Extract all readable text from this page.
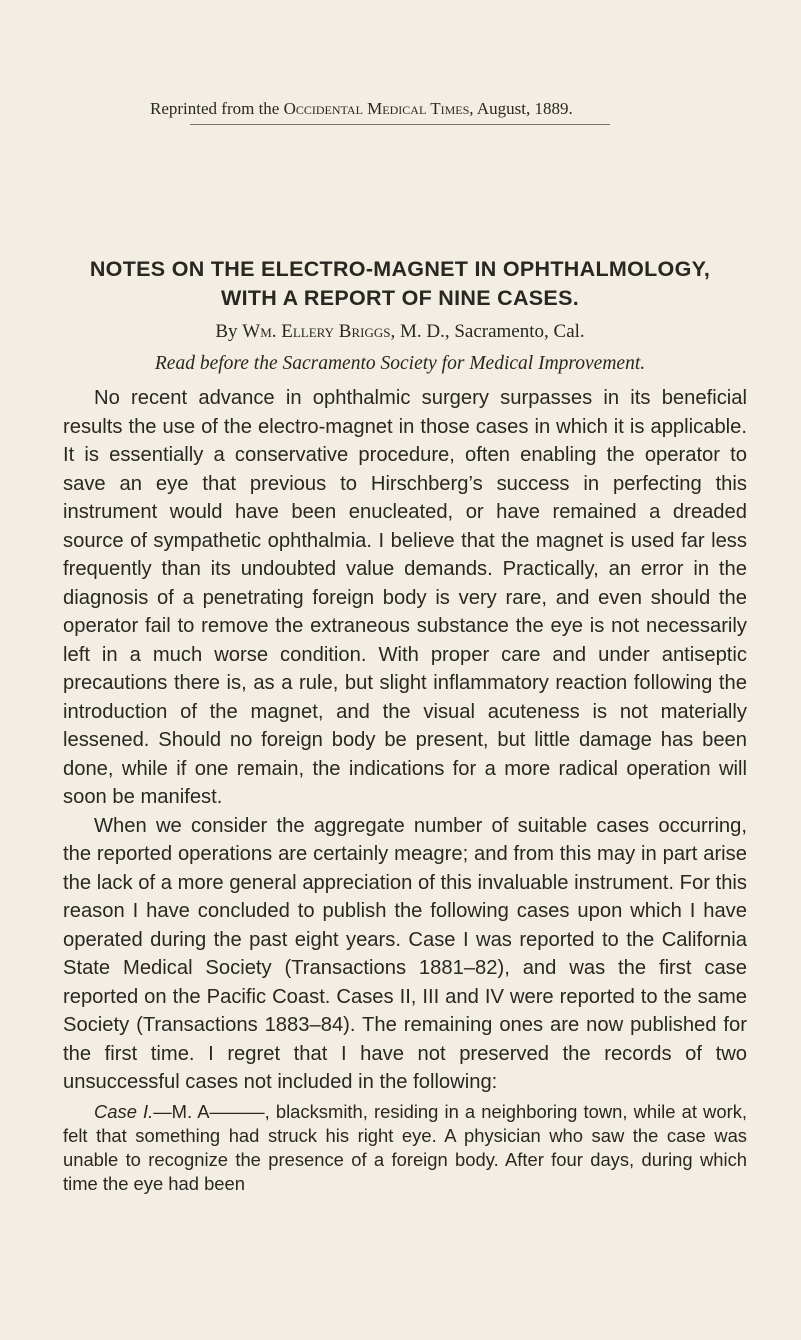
Reprinted from the Occidental Medical Times, August, 1889.
NOTES ON THE ELECTRO-MAGNET IN OPHTHALMOLOGY,
WITH A REPORT OF NINE CASES.
By Wm. Ellery Briggs, M. D., Sacramento, Cal.
Read before the Sacramento Society for Medical Improvement.

No recent advance in ophthalmic surgery surpasses in its beneficial results the use of the electro-magnet in those cases in which it is applicable. It is essentially a conservative procedure, often enabling the operator to save an eye that previous to Hirschberg’s success in perfecting this instrument would have been enucleated, or have remained a dreaded source of sympathetic ophthalmia. I believe that the magnet is used far less frequently than its undoubted value demands. Practically, an error in the diagnosis of a penetrating foreign body is very rare, and even should the operator fail to remove the extraneous substance the eye is not necessarily left in a much worse condition. With proper care and under antiseptic precautions there is, as a rule, but slight inflammatory reaction following the introduction of the magnet, and the visual acuteness is not materially lessened. Should no foreign body be present, but little damage has been done, while if one remain, the indications for a more radical operation will soon be manifest.

When we consider the aggregate number of suitable cases occurring, the reported operations are certainly meagre; and from this may in part arise the lack of a more general appreciation of this invaluable instrument. For this reason I have concluded to publish the following cases upon which I have operated during the past eight years. Case I was reported to the California State Medical Society (Transactions 1881–82), and was the first case reported on the Pacific Coast. Cases II, III and IV were reported to the same Society (Transactions 1883–84). The remaining ones are now published for the first time. I regret that I have not preserved the records of two unsuccessful cases not included in the following:

Case I.—M. A———, blacksmith, residing in a neighboring town, while at work, felt that something had struck his right eye. A physician who saw the case was unable to recognize the presence of a foreign body. After four days, during which time the eye had been
